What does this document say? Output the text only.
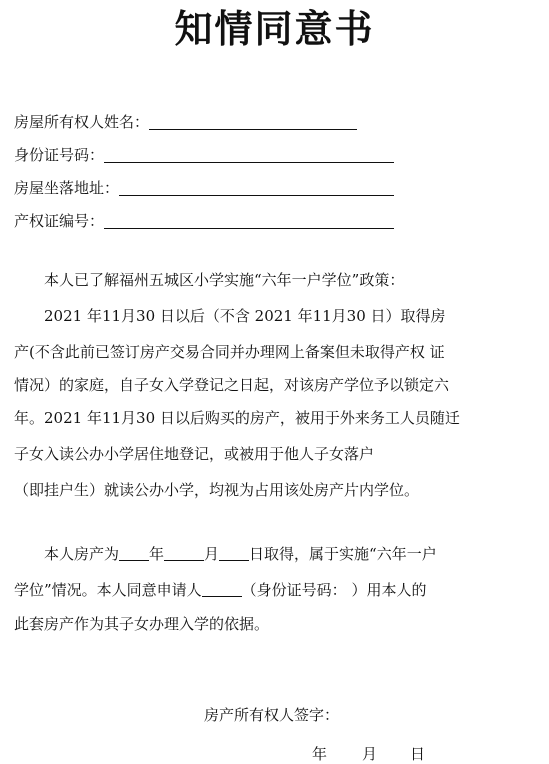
知情同意书
房屋所有权人姓名：
身份证号码：
房屋坐落地址：
产权证编号：
　　本人已了解福州五城区小学实施“六年一户学位”政策：
　　2021 年11月30 日以后（不含 2021 年11月30 日）取得房
产(不含此前已签订房产交易合同并办理网上备案但未取得产权 证
情况）的家庭，自子女入学登记之日起，对该房产学位予以锁定六
年。2021 年11月30 日以后购买的房产，被用于外来务工人员随迁
子女入读公办小学居住地登记，或被用于他人子女落户
（即挂户生）就读公办小学，均视为占用该处房产片内学位。
　　本人房产为 年	月 日取得，属于实施“六年一户
学位”情况。本人同意申请人	（身份证号码： ）用本人的
此套房产作为其子女办理入学的依据。
房产所有权人签字：
年 月 日
